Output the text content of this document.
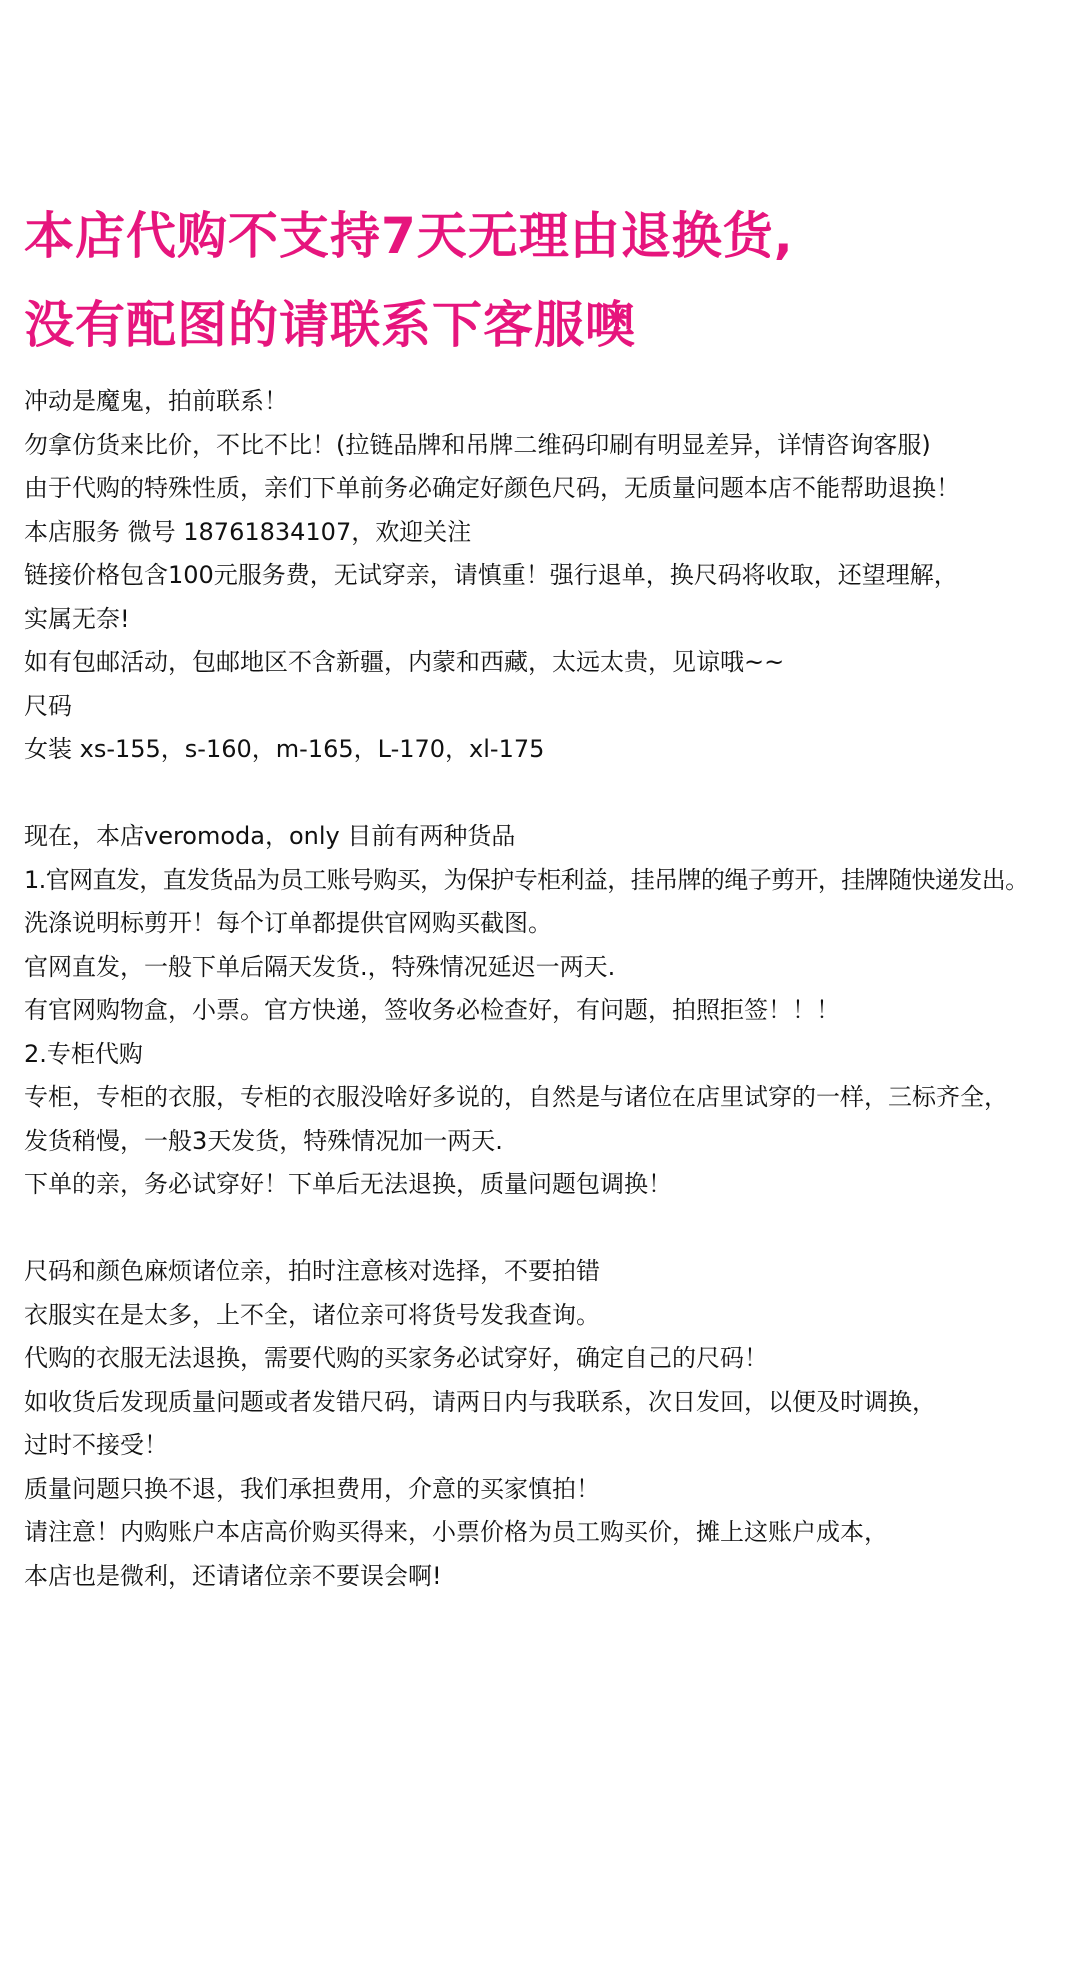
本店代购不支持7天无理由退换货,
没有配图的请联系下客服噢
冲动是魔鬼，拍前联系！
勿拿仿货来比价，不比不比！(拉链品牌和吊牌二维码印刷有明显差异，详情咨询客服)
由于代购的特殊性质，亲们下单前务必确定好颜色尺码，无质量问题本店不能帮助退换！
本店服务 微号 18761834107，欢迎关注
链接价格包含100元服务费，无试穿亲，请慎重！强行退单，换尺码将收取，还望理解，
实属无奈!
如有包邮活动，包邮地区不含新疆，内蒙和西藏，太远太贵，见谅哦~~
尺码
女装 xs-155，s-160，m-165，L-170，xl-175
现在，本店veromoda，only 目前有两种货品
1.官网直发，直发货品为员工账号购买，为保护专柜利益，挂吊牌的绳子剪开，挂牌随快递发出。
洗涤说明标剪开！每个订单都提供官网购买截图。
官网直发，一般下单后隔天发货.，特殊情况延迟一两天.
有官网购物盒，小票。官方快递，签收务必检查好，有问题，拍照拒签！！！
2.专柜代购
专柜，专柜的衣服，专柜的衣服没啥好多说的，自然是与诸位在店里试穿的一样，三标齐全，
发货稍慢，一般3天发货，特殊情况加一两天.
下单的亲，务必试穿好！下单后无法退换，质量问题包调换！
尺码和颜色麻烦诸位亲，拍时注意核对选择，不要拍错
衣服实在是太多，上不全，诸位亲可将货号发我查询。
代购的衣服无法退换，需要代购的买家务必试穿好，确定自己的尺码！
如收货后发现质量问题或者发错尺码，请两日内与我联系，次日发回，以便及时调换，
过时不接受！
质量问题只换不退，我们承担费用，介意的买家慎拍！
请注意！内购账户本店高价购买得来，小票价格为员工购买价，摊上这账户成本，
本店也是微利，还请诸位亲不要误会啊!
